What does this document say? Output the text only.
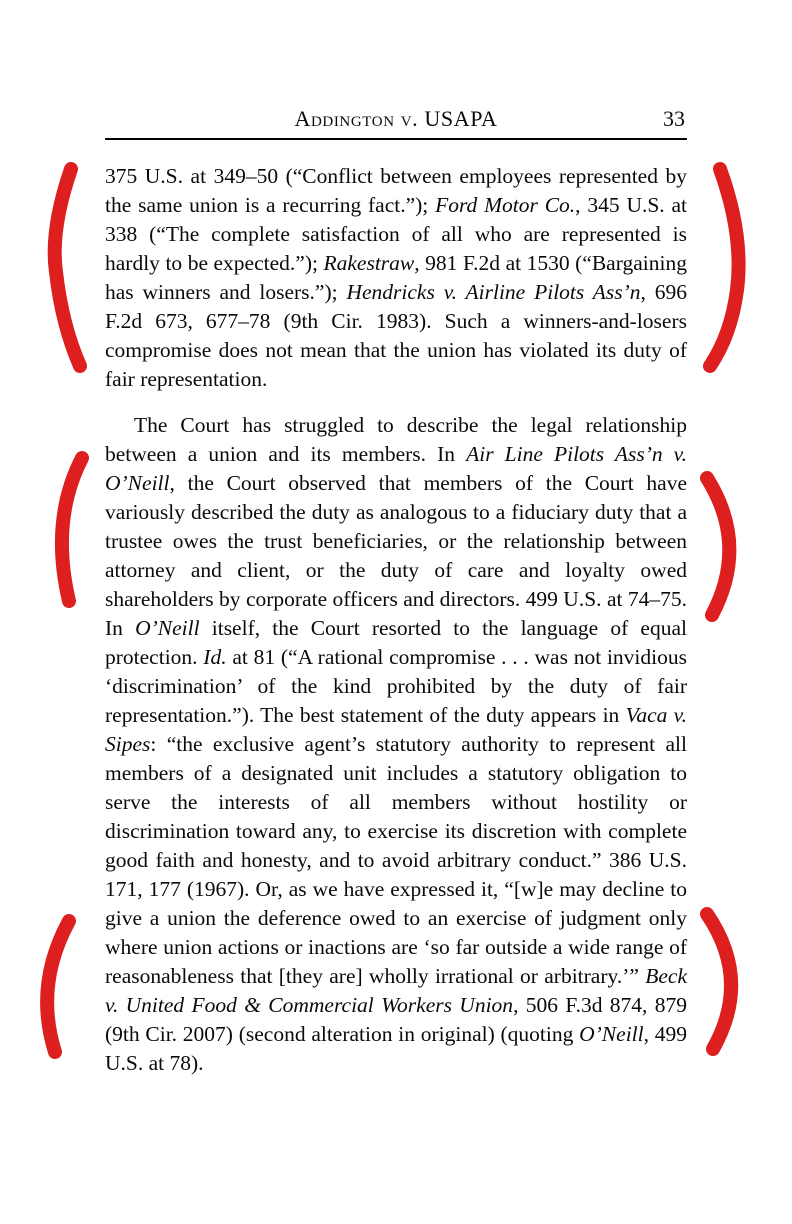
Addington v. USAPA	33

375 U.S. at 349–50 (“Conflict between employees represented by the same union is a recurring fact.”); Ford Motor Co., 345 U.S. at 338 (“The complete satisfaction of all who are represented is hardly to be expected.”); Rakestraw, 981 F.2d at 1530 (“Bargaining has winners and losers.”); Hendricks v. Airline Pilots Ass’n, 696 F.2d 673, 677–78 (9th Cir. 1983). Such a winners-and-losers compromise does not mean that the union has violated its duty of fair representation.

The Court has struggled to describe the legal relationship between a union and its members. In Air Line Pilots Ass’n v. O’Neill, the Court observed that members of the Court have variously described the duty as analogous to a fiduciary duty that a trustee owes the trust beneficiaries, or the relationship between attorney and client, or the duty of care and loyalty owed shareholders by corporate officers and directors. 499 U.S. at 74–75. In O’Neill itself, the Court resorted to the language of equal protection. Id. at 81 (“A rational compromise . . . was not invidious ‘discrimination’ of the kind prohibited by the duty of fair representation.”). The best statement of the duty appears in Vaca v. Sipes: “the exclusive agent’s statutory authority to represent all members of a designated unit includes a statutory obligation to serve the interests of all members without hostility or discrimination toward any, to exercise its discretion with complete good faith and honesty, and to avoid arbitrary conduct.” 386 U.S. 171, 177 (1967). Or, as we have expressed it, “[w]e may decline to give a union the deference owed to an exercise of judgment only where union actions or inactions are ‘so far outside a wide range of reasonableness that [they are] wholly irrational or arbitrary.’” Beck v. United Food & Commercial Workers Union, 506 F.3d 874, 879 (9th Cir. 2007) (second alteration in original) (quoting O’Neill, 499 U.S. at 78).
